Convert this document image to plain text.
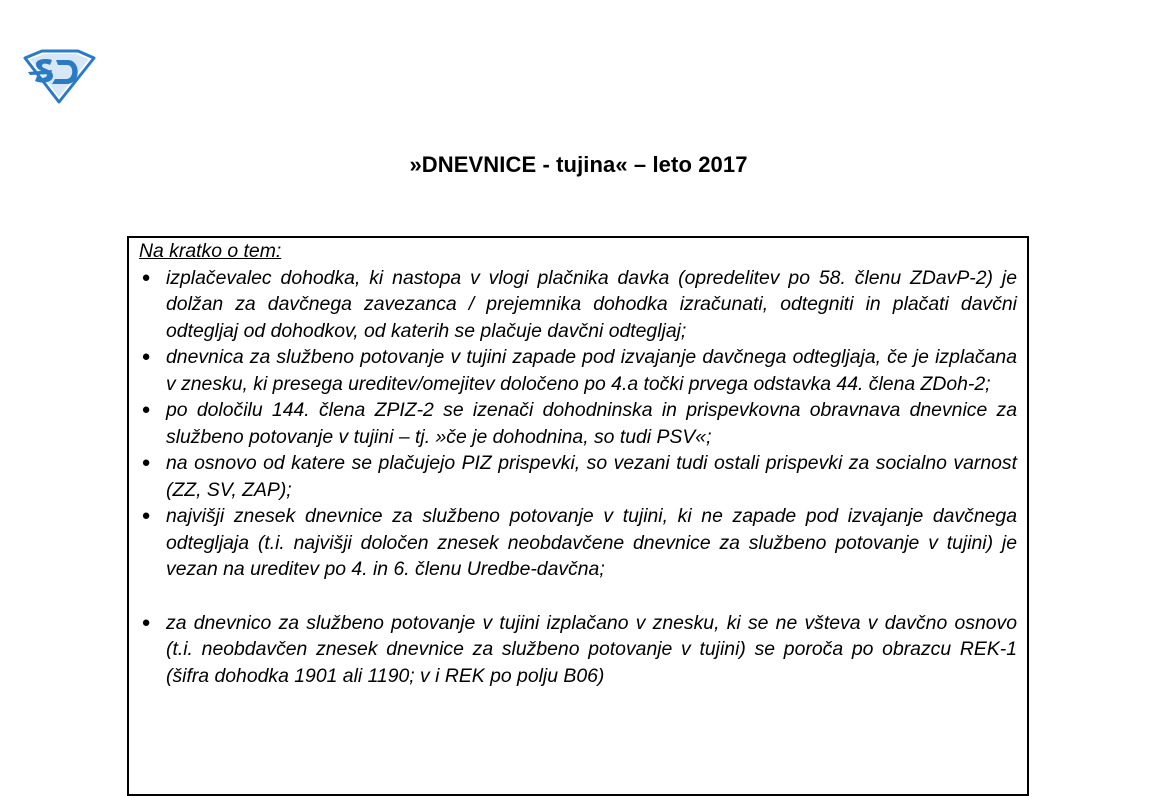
»DNEVNICE - tujina« – leto 2017
Na kratko o tem:
● izplačevalec dohodka, ki nastopa v vlogi plačnika davka (opredelitev po 58. členu ZDavP-2) je dolžan za davčnega zavezanca / prejemnika dohodka izračunati, odtegniti in plačati davčni odtegljaj od dohodkov, od katerih se plačuje davčni odtegljaj;
● dnevnica za službeno potovanje v tujini zapade pod izvajanje davčnega odtegljaja, če je izplačana v znesku, ki presega ureditev/omejitev določeno po 4.a točki prvega odstavka 44. člena ZDoh-2;
● po določilu 144. člena ZPIZ-2 se izenači dohodninska in prispevkovna obravnava dnevnice za službeno potovanje v tujini – tj. »če je dohodnina, so tudi PSV«;
● na osnovo od katere se plačujejo PIZ prispevki, so vezani tudi ostali prispevki za socialno varnost (ZZ, SV, ZAP);
● najvišji znesek dnevnice za službeno potovanje v tujini, ki ne zapade pod izvajanje davčnega odtegljaja (t.i. najvišji določen znesek neobdavčene dnevnice za službeno potovanje v tujini) je vezan na ureditev po 4. in 6. členu Uredbe-davčna;
● za dnevnico za službeno potovanje v tujini izplačano v znesku, ki se ne všteva v davčno osnovo (t.i. neobdavčen znesek dnevnice za službeno potovanje v tujini) se poroča po obrazcu REK-1 (šifra dohodka 1901 ali 1190; v i REK po polju B06)
